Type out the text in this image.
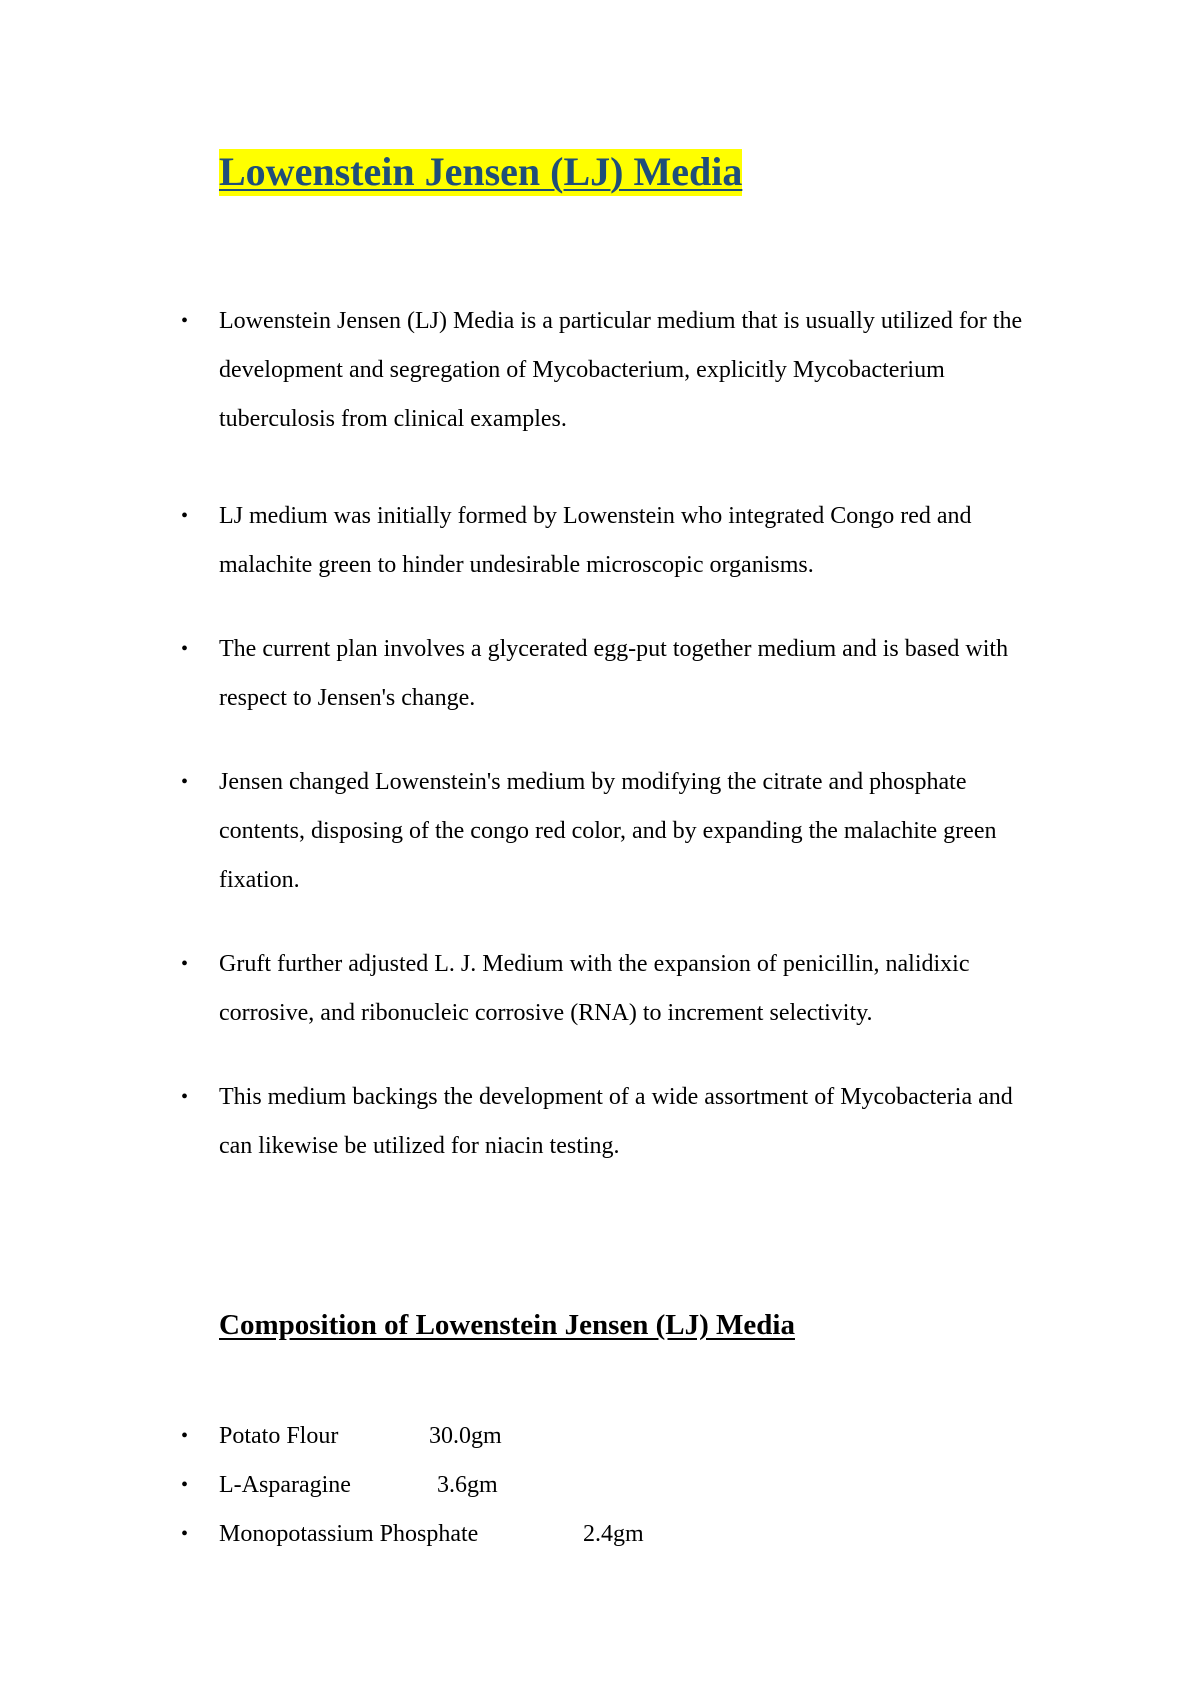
Lowenstein Jensen (LJ) Media
• Lowenstein Jensen (LJ) Media is a particular medium that is usually utilized for the development and segregation of Mycobacterium, explicitly Mycobacterium tuberculosis from clinical examples.
• LJ medium was initially formed by Lowenstein who integrated Congo red and malachite green to hinder undesirable microscopic organisms.
• The current plan involves a glycerated egg-put together medium and is based with respect to Jensen's change.
• Jensen changed Lowenstein's medium by modifying the citrate and phosphate contents, disposing of the congo red color, and by expanding the malachite green fixation.
• Gruft further adjusted L. J. Medium with the expansion of penicillin, nalidixic corrosive, and ribonucleic corrosive (RNA) to increment selectivity.
• This medium backings the development of a wide assortment of Mycobacteria and can likewise be utilized for niacin testing.
Composition of Lowenstein Jensen (LJ) Media
• Potato Flour	30.0gm
• L-Asparagine	3.6gm
• Monopotassium Phosphate	2.4gm
